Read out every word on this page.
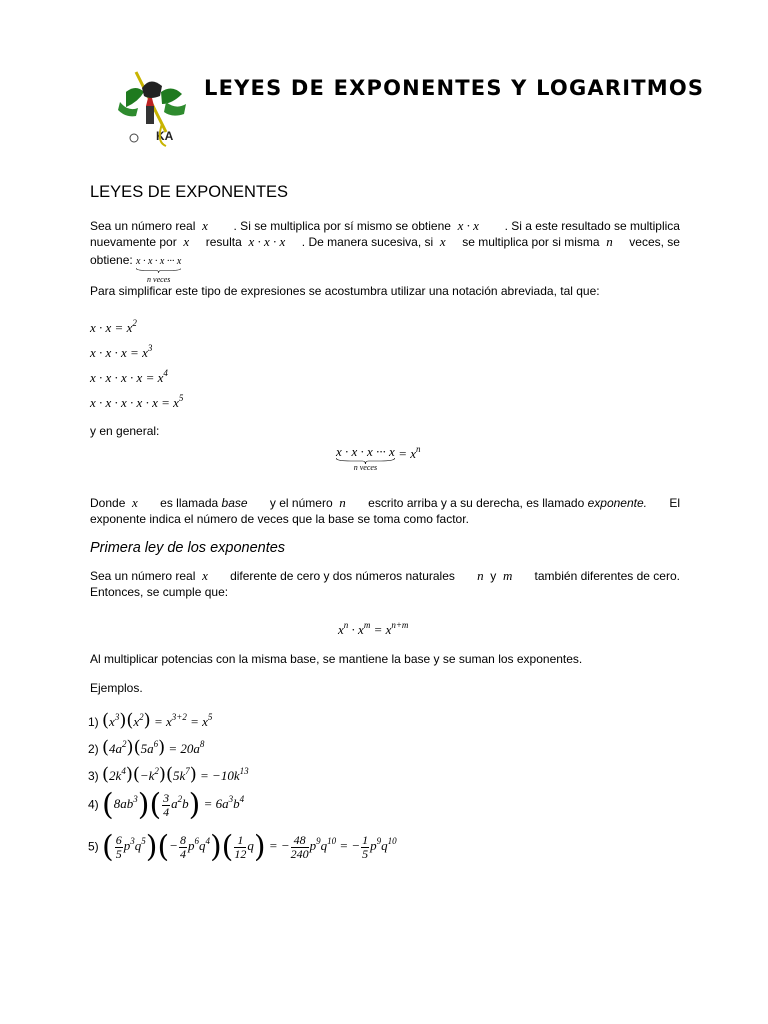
KA
LEYES DE EXPONENTES Y LOGARITMOS
LEYES DE EXPONENTES
Sea un número real x . Si se multiplica por sí mismo se obtiene x · x . Si a este resultado se multiplica
nuevamente por x resulta x · x · x . De manera sucesiva, si x se multiplica por si misma n veces, se
obtiene: x · x · x ··· x
n veces
Para simplificar este tipo de expresiones se acostumbra utilizar una notación abreviada, tal que:
$x \cdot x = x^2$
$x \cdot x \cdot x = x^3$
$x \cdot x \cdot x \cdot x = x^4$
$x \cdot x \cdot x \cdot x \cdot x = x^5$
y en general:
x · x · x ··· x
n veces
= $x^n$
Donde x es llamada base y el número n escrito arriba y a su derecha, es llamado exponente. El
exponente indica el número de veces que la base se toma como factor.
Primera ley de los exponentes
Sea un número real x diferente de cero y dos números naturales n y m también diferentes de cero.
Entonces, se cumple que:
$x^n \cdot x^m = x^{n+m}$
Al multiplicar potencias con la misma base, se mantiene la base y se suman los exponentes.
Ejemplos.
1) $(x^3)(x^2) = x^{3+2} = x^5$
2) $(4a^2)(5a^6) = 20a^8$
3) $(2k^4)(-k^2)(5k^7) = -10k^{13}$
4) $(8ab^3)( \frac{3}{4} a^2b) = 6a^3b^4$
5) ( $\frac{6}{5} p^3q^5)(- \frac{8}{4} p^6q^4)( \frac{1}{12} q)$ = − $\frac{48}{240} p^9q^{10}$ = − $\frac{1}{5} p^9q^{10}$
